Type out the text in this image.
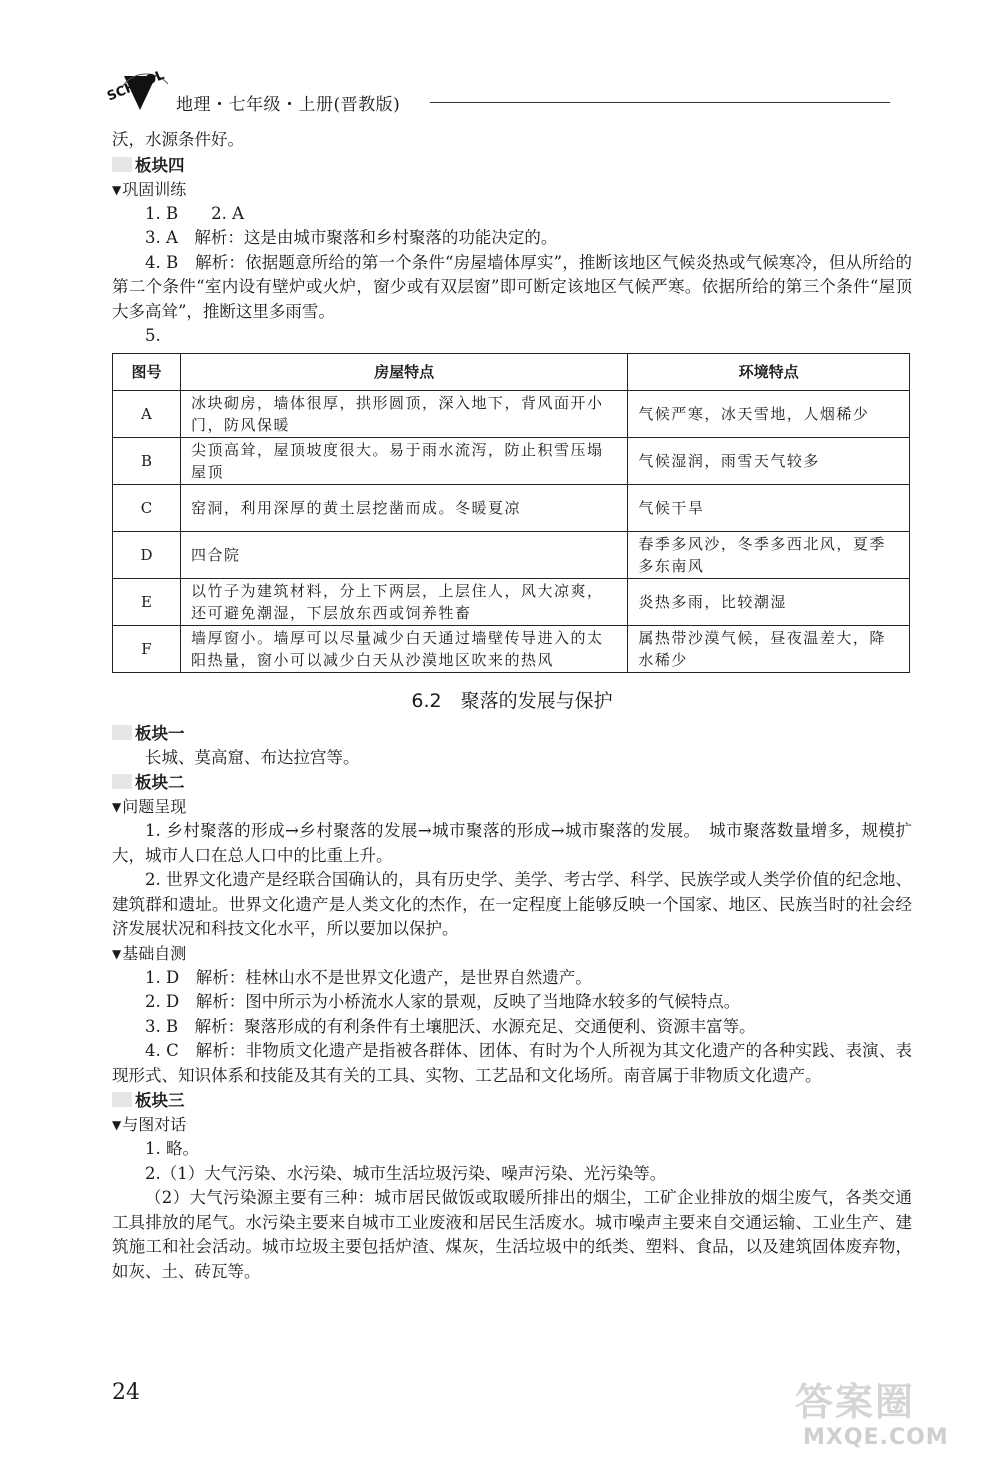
SCHOOL
地理・七年级・上册(晋教版)

沃，水源条件好。

板块四

▼巩固训练

1. B　　2. A

3. A　解析：这是由城市聚落和乡村聚落的功能决定的。

4. B　解析：依据题意所给的第一个条件“房屋墙体厚实”，推断该地区气候炎热或气候寒冷，但从所给的第二个条件“室内设有壁炉或火炉，窗少或有双层窗”即可断定该地区气候严寒。依据所给的第三个条件“屋顶大多高耸”，推断这里多雨雪。

5.

图号	房屋特点	环境特点
A	冰块砌房，墙体很厚，拱形圆顶，深入地下，背风面开小门，防风保暖	气候严寒，冰天雪地，人烟稀少
B	尖顶高耸，屋顶坡度很大。易于雨水流泻，防止积雪压塌屋顶	气候湿润，雨雪天气较多
C	窑洞，利用深厚的黄土层挖凿而成。冬暖夏凉	气候干旱
D	四合院	春季多风沙，冬季多西北风，夏季多东南风
E	以竹子为建筑材料，分上下两层，上层住人，风大凉爽，还可避免潮湿，下层放东西或饲养牲畜	炎热多雨，比较潮湿
F	墙厚窗小。墙厚可以尽量减少白天通过墙壁传导进入的太阳热量，窗小可以减少白天从沙漠地区吹来的热风	属热带沙漠气候，昼夜温差大，降水稀少

6.2　 聚落的发展与保护

板块一

长城、莫高窟、布达拉宫等。

板块二

▼问题呈现

1. 乡村聚落的形成→乡村聚落的发展→城市聚落的形成→城市聚落的发展。　城市聚落数量增多，规模扩大，城市人口在总人口中的比重上升。

2. 世界文化遗产是经联合国确认的，具有历史学、美学、考古学、科学、民族学或人类学价值的纪念地、建筑群和遗址。世界文化遗产是人类文化的杰作，在一定程度上能够反映一个国家、地区、民族当时的社会经济发展状况和科技文化水平，所以要加以保护。

▼基础自测

1. D　解析：桂林山水不是世界文化遗产，是世界自然遗产。

2. D　解析：图中所示为小桥流水人家的景观，反映了当地降水较多的气候特点。

3. B　解析：聚落形成的有利条件有土壤肥沃、水源充足、交通便利、资源丰富等。

4. C　解析：非物质文化遗产是指被各群体、团体、有时为个人所视为其文化遗产的各种实践、表演、表现形式、知识体系和技能及其有关的工具、实物、工艺品和文化场所。南音属于非物质文化遗产。

板块三

▼与图对话

1. 略。

2.（1）大气污染、水污染、城市生活垃圾污染、噪声污染、光污染等。

（2）大气污染源主要有三种：城市居民做饭或取暖所排出的烟尘，工矿企业排放的烟尘废气，各类交通工具排放的尾气。水污染主要来自城市工业废液和居民生活废水。城市噪声主要来自交通运输、工业生产、建筑施工和社会活动。城市垃圾主要包括炉渣、煤灰，生活垃圾中的纸类、塑料、食品，以及建筑固体废弃物，如灰、土、砖瓦等。

24	答案圈
MXQE.COM
